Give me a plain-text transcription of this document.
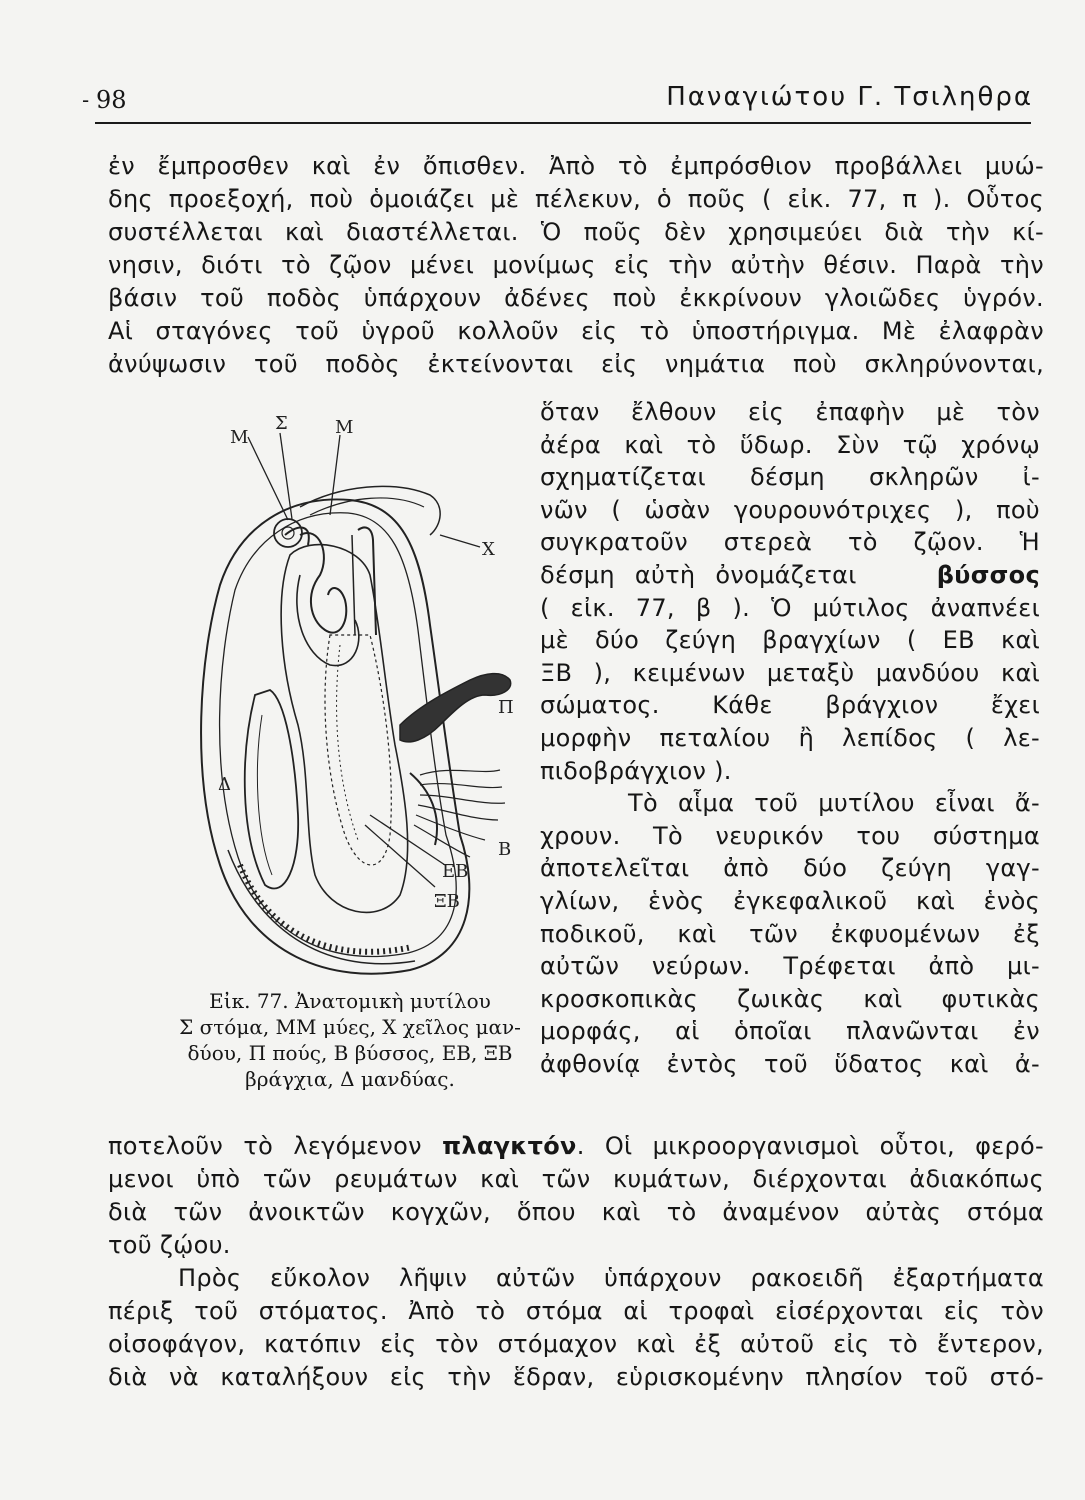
- 98	Παναγιώτου Γ. Τσιληθρα
ἐν ἔμπροσθεν καὶ ἐν ὄπισθεν. Ἀπὸ τὸ ἐμπρόσθιον προβάλλει μυώ-
δης προεξοχή, ποὺ ὁμοιάζει μὲ πέλεκυν, ὁ ποῦς ( εἰκ. 77, π ). Οὗτος
συστέλλεται καὶ διαστέλλεται. Ὁ ποῦς δὲν χρησιμεύει διὰ τὴν κί-
νησιν, διότι τὸ ζῷον μένει μονίμως εἰς τὴν αὐτὴν θέσιν. Παρὰ τὴν
βάσιν τοῦ ποδὸς ὑπάρχουν ἀδένες ποὺ ἐκκρίνουν γλοιῶδες ὑγρόν.
Αἱ σταγόνες τοῦ ὑγροῦ κολλοῦν εἰς τὸ ὑποστήριγμα. Μὲ ἐλαφρὰν
ἀνύψωσιν τοῦ ποδὸς ἐκτείνονται εἰς νημάτια ποὺ σκληρύνονται,
Μ
Σ	Μ
Χ
Π
Δ
Β
ΕΒ
ΞΒ
Εἰκ. 77. Ἀνατομικὴ μυτίλου
Σ στόμα, ΜΜ μύες, Χ χεῖλος μαν-
δύου, Π πούς, Β βύσσος, ΕΒ, ΞΒ
βράγχια, Δ μανδύας.
ὅταν ἔλθουν εἰς ἐπαφὴν μὲ τὸν
ἀέρα καὶ τὸ ὕδωρ. Σὺν τῷ χρόνῳ
σχηματίζεται δέσμη σκληρῶν ἰ-
νῶν ( ὡσὰν γουρουνότριχες ), ποὺ
συγκρατοῦν στερεὰ τὸ ζῷον. Ἡ
δέσμη αὐτὴ ὀνομάζεται	βύσσος
( εἰκ. 77, β ). Ὁ μύτιλος ἀναπνέει
μὲ δύο ζεύγη βραγχίων ( ΕΒ καὶ
ΞΒ ), κειμένων μεταξὺ μανδύου καὶ
σώματος. Κάθε βράγχιον ἔχει
μορφὴν πεταλίου ἢ λεπίδος ( λε-
πιδοβράγχιον ).
Τὸ αἷμα τοῦ μυτίλου εἶναι ἄ-
χρουν. Τὸ νευρικόν του σύστημα
ἀποτελεῖται ἀπὸ δύο ζεύγη γαγ-
γλίων, ἑνὸς ἐγκεφαλικοῦ καὶ ἑνὸς
ποδικοῦ, καὶ τῶν ἐκφυομένων ἐξ
αὐτῶν νεύρων. Τρέφεται ἀπὸ μι-
κροσκοπικὰς ζωικὰς καὶ φυτικὰς
μορφάς, αἱ ὁποῖαι πλανῶνται ἐν
ἀφθονίᾳ ἐντὸς τοῦ ὕδατος καὶ ἀ-
ποτελοῦν τὸ λεγόμενον πλαγκτόν. Οἱ μικροοργανισμοὶ οὗτοι, φερό-
μενοι ὑπὸ τῶν ρευμάτων καὶ τῶν κυμάτων, διέρχονται ἀδιακόπως
διὰ τῶν ἀνοικτῶν κογχῶν, ὅπου καὶ τὸ ἀναμένον αὐτὰς στόμα
τοῦ ζῴου.
Πρὸς εὔκολον λῆψιν αὐτῶν ὑπάρχουν ρακοειδῆ ἐξαρτήματα
πέριξ τοῦ στόματος. Ἀπὸ τὸ στόμα αἱ τροφαὶ εἰσέρχονται εἰς τὸν
οἰσοφάγον, κατόπιν εἰς τὸν στόμαχον καὶ ἐξ αὐτοῦ εἰς τὸ ἔντερον,
διὰ νὰ καταλήξουν εἰς τὴν ἕδραν, εὑρισκομένην πλησίον τοῦ στό-
